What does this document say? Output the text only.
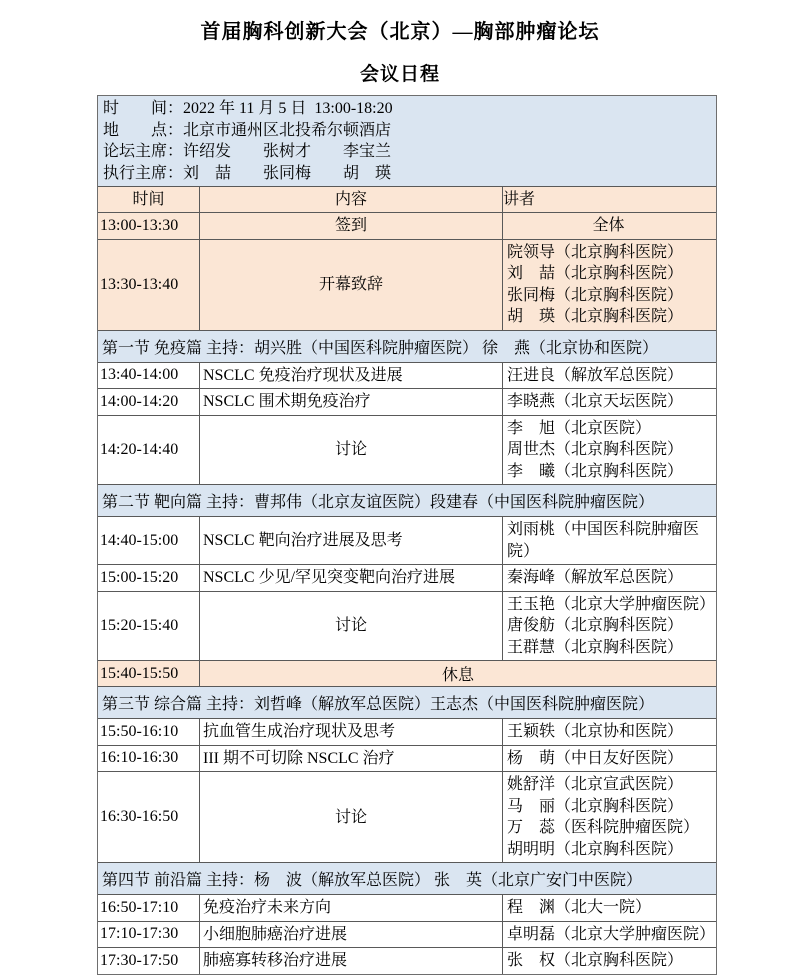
首届胸科创新大会（北京）—胸部肿瘤论坛
会议日程
时　　间：2022 年 11 月 5 日  13:00-18:20
地　　点：北京市通州区北投希尔顿酒店
论坛主席：许绍发　　张树才　　李宝兰
执行主席：刘　喆　　张同梅　　胡　瑛
时间	内容	讲者
13:00-13:30	签到	全体
13:30-13:40	开幕致辞
院领导（北京胸科医院）
刘　喆（北京胸科医院）
张同梅（北京胸科医院）
胡　瑛（北京胸科医院）
第一节 免疫篇 主持：胡兴胜（中国医科院肿瘤医院） 徐　燕（北京协和医院）
13:40-14:00	NSCLC 免疫治疗现状及进展	汪进良（解放军总医院）
14:00-14:20	NSCLC 围术期免疫治疗	李晓燕（北京天坛医院）
14:20-14:40	讨论
李　旭（北京医院）
周世杰（北京胸科医院）
李　曦（北京胸科医院）
第二节 靶向篇 主持：曹邦伟（北京友谊医院）段建春（中国医科院肿瘤医院）
14:40-15:00	NSCLC 靶向治疗进展及思考
刘雨桃（中国医科院肿瘤医院）
15:00-15:20	NSCLC 少见/罕见突变靶向治疗进展	秦海峰（解放军总医院）
15:20-15:40	讨论
王玉艳（北京大学肿瘤医院）
唐俊舫（北京胸科医院）
王群慧（北京胸科医院）
15:40-15:50	休息
第三节 综合篇 主持：刘哲峰（解放军总医院）王志杰（中国医科院肿瘤医院）
15:50-16:10	抗血管生成治疗现状及思考	王颖轶（北京协和医院）
16:10-16:30	III 期不可切除 NSCLC 治疗	杨　萌（中日友好医院）
16:30-16:50	讨论
姚舒洋（北京宣武医院）
马　丽（北京胸科医院）
万　蕊（医科院肿瘤医院）
胡明明（北京胸科医院）
第四节 前沿篇 主持：杨　波（解放军总医院） 张　英（北京广安门中医院）
16:50-17:10	免疫治疗未来方向	程　渊（北大一院）
17:10-17:30	小细胞肺癌治疗进展	卓明磊（北京大学肿瘤医院）
17:30-17:50	肺癌寡转移治疗进展	张　权（北京胸科医院）
